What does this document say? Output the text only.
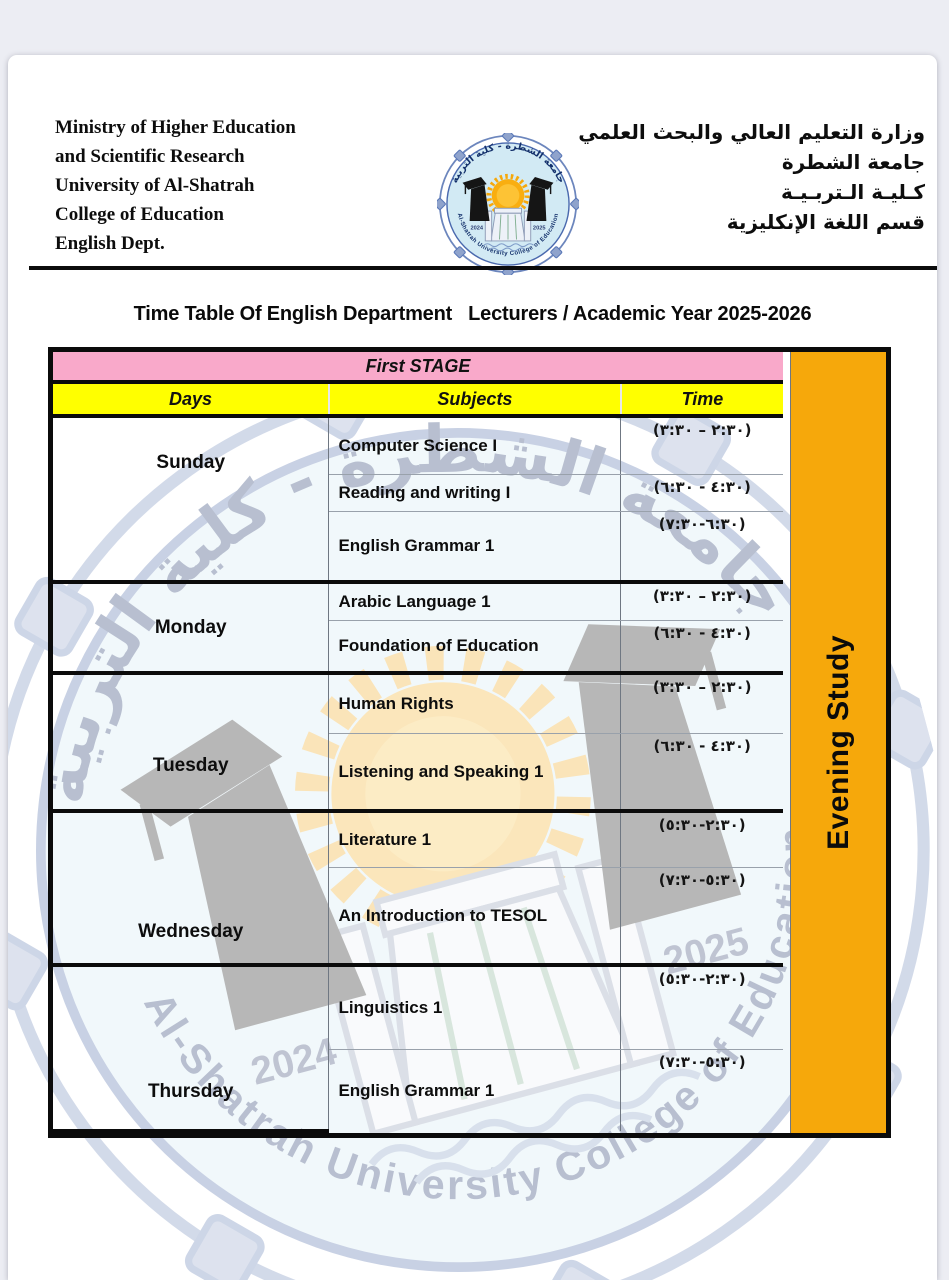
Ministry of Higher Education
and Scientific Research
University of Al-Shatrah
College of Education
English Dept.
وزارة التعليم العالي والبحث العلمي
جامعة الشطرة
كـليـة الـتربـيـة
قسم اللغة الإنكليزية
Time Table Of English Department   Lecturers / Academic Year 2025-2026
First STAGE		
Days	Subjects	Time
Sunday	Computer Science I	(٢:٣٠ – ٣:٣٠)
	Reading and writing I	(٤:٣٠ - ٦:٣٠)
	English Grammar 1	(٦:٣٠-٧:٣٠)
Monday	Arabic Language 1	(٢:٣٠ – ٣:٣٠)
	Foundation of Education	(٤:٣٠ - ٦:٣٠)
Tuesday	Human Rights	(٢:٣٠ – ٣:٣٠)
	Listening and Speaking 1	(٤:٣٠ - ٦:٣٠)
Wednesday	Literature 1	(٢:٣٠-٥:٣٠)
	An Introduction to TESOL	(٥:٣٠-٧:٣٠)
Thursday	Linguistics 1	(٢:٣٠-٥:٣٠)
	English Grammar 1	(٥:٣٠-٧:٣٠)
Evening Study
